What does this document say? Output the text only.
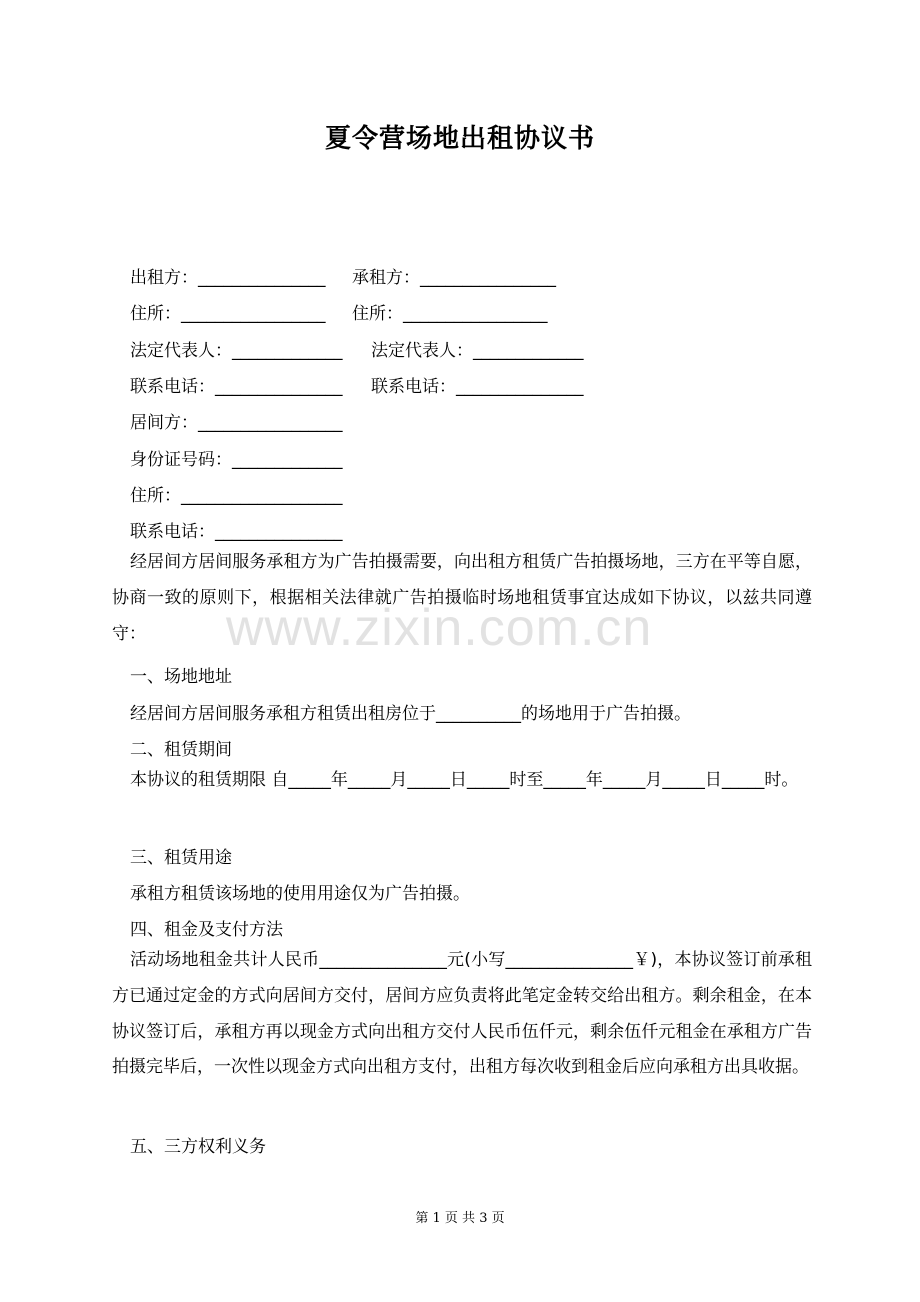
www.zixin.com.cn
夏令营场地出租协议书
出租方：_______________ 承租方：________________
住所：_________________ 住所：_________________
法定代表人：_____________ 法定代表人：_____________
联系电话：_______________ 联系电话：_______________
居间方：_________________
身份证号码：_____________
住所：___________________
联系电话：_______________
经居间方居间服务承租方为广告拍摄需要，向出租方租赁广告拍摄场地，三方在平等自愿，协商一致的原则下，根据相关法律就广告拍摄临时场地租赁事宜达成如下协议，以兹共同遵守：
一、场地地址
经居间方居间服务承租方租赁出租房位于__________的场地用于广告拍摄。
二、租赁期间
本协议的租赁期限 自_____年_____月_____日_____时至_____年_____月_____日_____时。
三、租赁用途
承租方租赁该场地的使用用途仅为广告拍摄。
四、租金及支付方法
活动场地租金共计人民币_______________元(小写_______________￥)，本协议签订前承租方已通过定金的方式向居间方交付，居间方应负责将此笔定金转交给出租方。剩余租金，在本协议签订后，承租方再以现金方式向出租方交付人民币伍仟元，剩余伍仟元租金在承租方广告拍摄完毕后，一次性以现金方式向出租方支付，出租方每次收到租金后应向承租方出具收据。
五、三方权利义务
第 1 页 共 3 页
